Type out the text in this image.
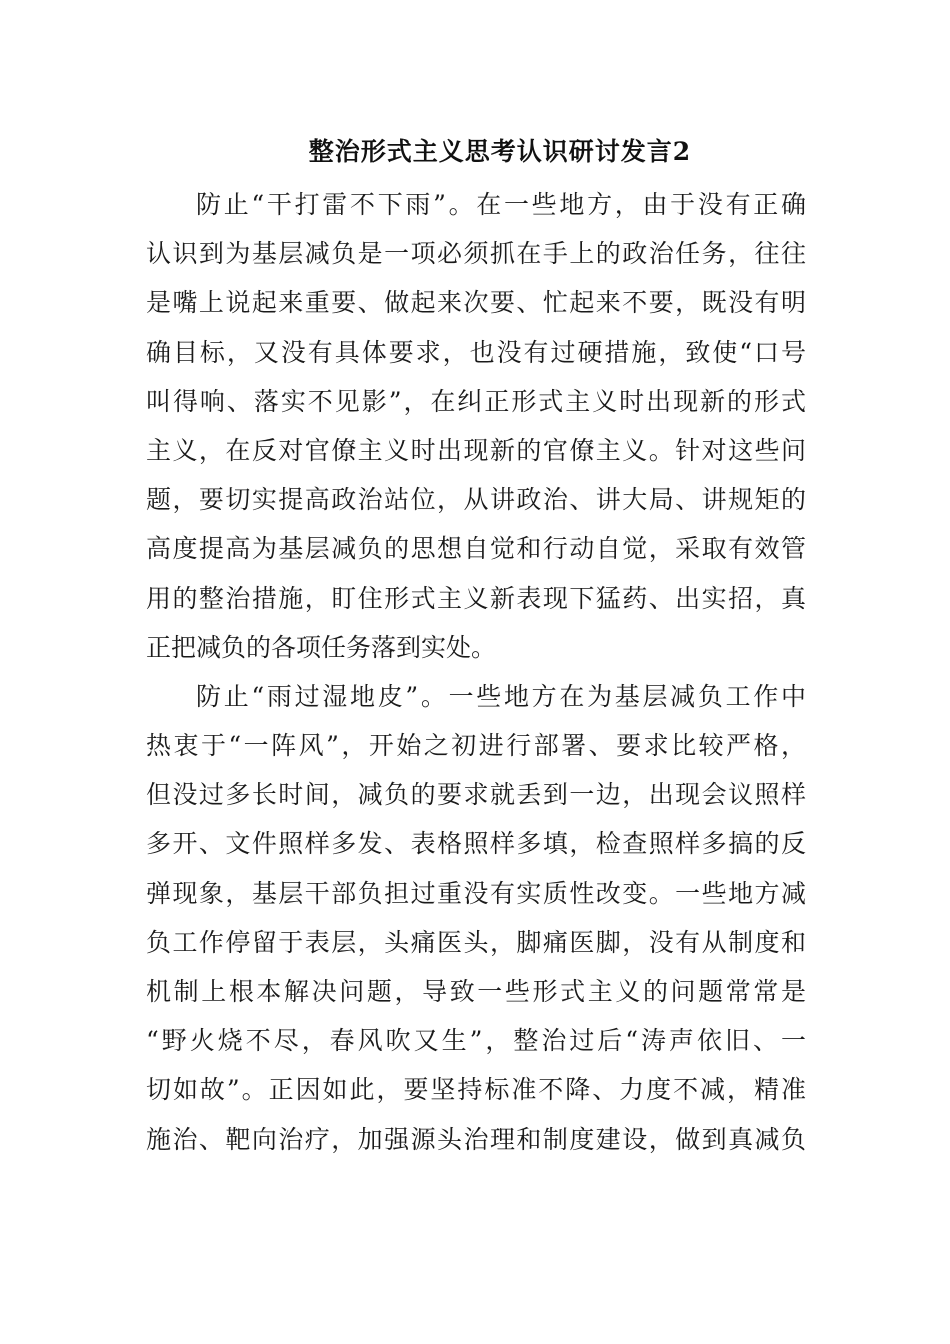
整治形式主义思考认识研讨发言2
防止“干打雷不下雨”。在一些地方，由于没有正确
认识到为基层减负是一项必须抓在手上的政治任务，往往
是嘴上说起来重要、做起来次要、忙起来不要，既没有明
确目标，又没有具体要求，也没有过硬措施，致使“口号
叫得响、落实不见影”，在纠正形式主义时出现新的形式
主义，在反对官僚主义时出现新的官僚主义。针对这些问
题，要切实提高政治站位，从讲政治、讲大局、讲规矩的
高度提高为基层减负的思想自觉和行动自觉，采取有效管
用的整治措施，盯住形式主义新表现下猛药、出实招，真
正把减负的各项任务落到实处。
防止“雨过湿地皮”。一些地方在为基层减负工作中
热衷于“一阵风”，开始之初进行部署、要求比较严格，
但没过多长时间，减负的要求就丢到一边，出现会议照样
多开、文件照样多发、表格照样多填，检查照样多搞的反
弹现象，基层干部负担过重没有实质性改变。一些地方减
负工作停留于表层，头痛医头，脚痛医脚，没有从制度和
机制上根本解决问题，导致一些形式主义的问题常常是
“野火烧不尽，春风吹又生”，整治过后“涛声依旧、一
切如故”。正因如此，要坚持标准不降、力度不减，精准
施治、靶向治疗，加强源头治理和制度建设，做到真减负
